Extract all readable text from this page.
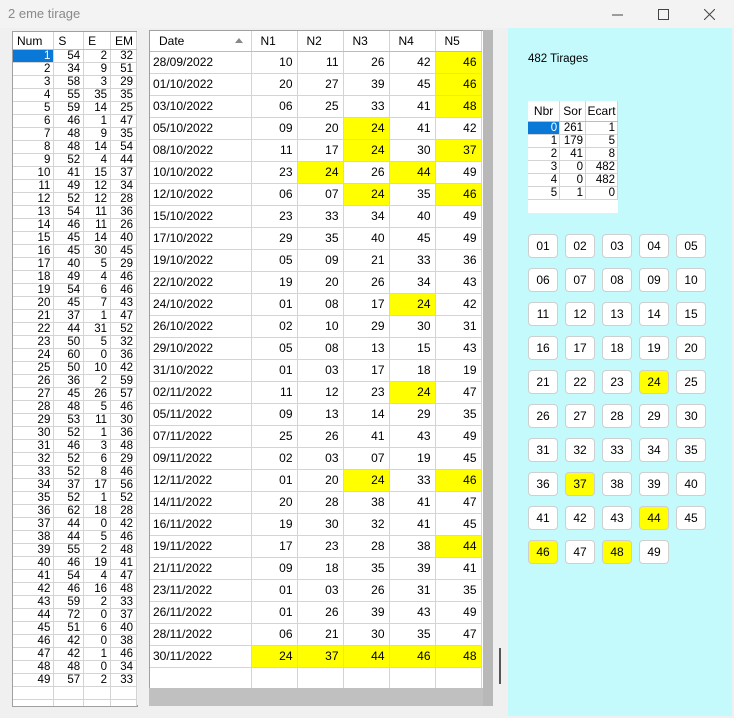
2 eme tirage
Num	S	E	EM
1	54	2	32
2	34	9	51
3	58	3	29
4	55	35	35
5	59	14	25
6	46	1	47
7	48	9	35
8	48	14	54
9	52	4	44
10	41	15	37
11	49	12	34
12	52	12	28
13	54	11	36
14	46	11	26
15	45	14	40
16	45	30	45
17	40	5	29
18	49	4	46
19	54	6	46
20	45	7	43
21	37	1	47
22	44	31	52
23	50	5	32
24	60	0	36
25	50	10	42
26	36	2	59
27	45	26	57
28	48	5	46
29	53	11	30
30	52	1	36
31	46	3	48
32	52	6	29
33	52	8	46
34	37	17	56
35	52	1	52
36	62	18	28
37	44	0	42
38	44	5	46
39	55	2	48
40	46	19	41
41	54	4	47
42	46	16	48
43	59	2	33
44	72	0	37
45	51	6	40
46	42	0	38
47	42	1	46
48	48	0	34
49	57	2	33

Date	N1	N2	N3	N4	N5
28/09/2022	10	11	26	42	46
01/10/2022	20	27	39	45	46
03/10/2022	06	25	33	41	48
05/10/2022	09	20	24	41	42
08/10/2022	11	17	24	30	37
10/10/2022	23	24	26	44	49
12/10/2022	06	07	24	35	46
15/10/2022	23	33	34	40	49
17/10/2022	29	35	40	45	49
19/10/2022	05	09	21	33	36
22/10/2022	19	20	26	34	43
24/10/2022	01	08	17	24	42
26/10/2022	02	10	29	30	31
29/10/2022	05	08	13	15	43
31/10/2022	01	03	17	18	19
02/11/2022	11	12	23	24	47
05/11/2022	09	13	14	29	35
07/11/2022	25	26	41	43	49
09/11/2022	02	03	07	19	45
12/11/2022	01	20	24	33	46
14/11/2022	20	28	38	41	47
16/11/2022	19	30	32	41	45
19/11/2022	17	23	28	38	44
21/11/2022	09	18	35	39	41
23/11/2022	01	03	26	31	35
26/11/2022	01	26	39	43	49
28/11/2022	06	21	30	35	47
30/11/2022	24	37	44	46	48

482 Tirages
Nbr	Sor	Ecart
0	261	1
1	179	5
2	41	8
3	0	482
4	0	482
5	1	0
01	02	03	04	05
06	07	08	09	10
11	12	13	14	15
16	17	18	19	20
21	22	23	24	25
26	27	28	29	30
31	32	33	34	35
36	37	38	39	40
41	42	43	44	45
46	47	48	49
